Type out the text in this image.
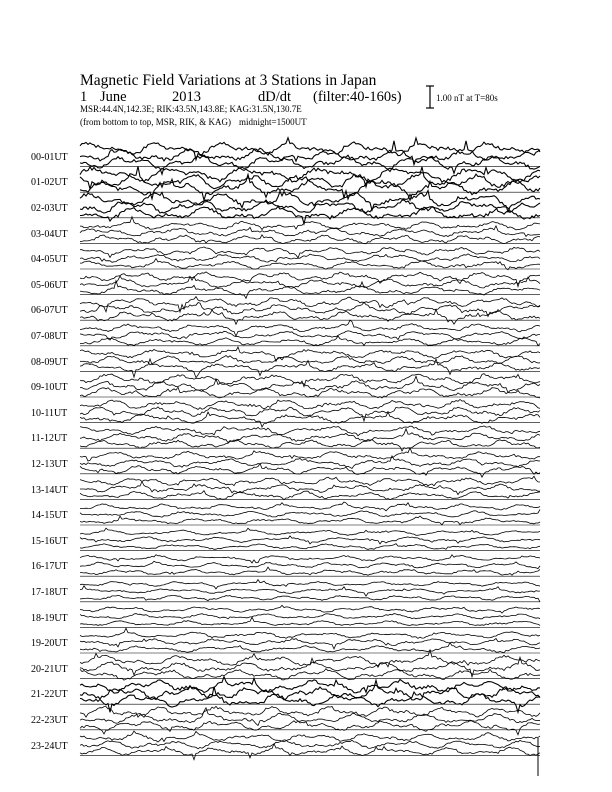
Magnetic Field Variations at 3 Stations in Japan
1 June	2013	dD/dt (filter:40-160s)
MSR:44.4N,142.3E; RIK:43.5N,143.8E; KAG:31.5N,130.7E
(from bottom to top, MSR, RIK, & KAG) midnight=1500UT
1.00 nT at T=80s
00-01UT
01-02UT
02-03UT
03-04UT
04-05UT
05-06UT
06-07UT
07-08UT
08-09UT
09-10UT
10-11UT
11-12UT
12-13UT
13-14UT
14-15UT
15-16UT
16-17UT
17-18UT
18-19UT
19-20UT
20-21UT
21-22UT
22-23UT
23-24UT
